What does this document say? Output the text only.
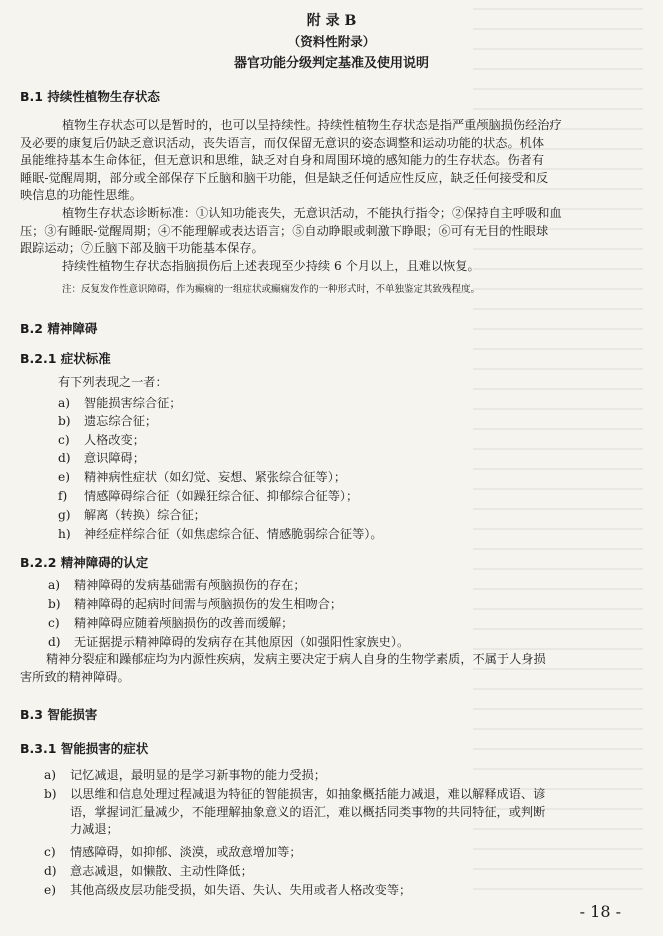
附 录 B
（资料性附录）
器官功能分级判定基准及使用说明
B.1 持续性植物生存状态
植物生存状态可以是暂时的，也可以呈持续性。持续性植物生存状态是指严重颅脑损伤经治疗
及必要的康复后仍缺乏意识活动，丧失语言，而仅保留无意识的姿态调整和运动功能的状态。机体
虽能维持基本生命体征，但无意识和思维，缺乏对自身和周围环境的感知能力的生存状态。伤者有
睡眠-觉醒周期，部分或全部保存下丘脑和脑干功能，但是缺乏任何适应性反应，缺乏任何接受和反
映信息的功能性思维。
植物生存状态诊断标准：①认知功能丧失，无意识活动，不能执行指令；②保持自主呼吸和血
压；③有睡眠-觉醒周期；④不能理解或表达语言；⑤自动睁眼或刺激下睁眼；⑥可有无目的性眼球
跟踪运动；⑦丘脑下部及脑干功能基本保存。
持续性植物生存状态指脑损伤后上述表现至少持续 6 个月以上，且难以恢复。
注：反复发作性意识障碍，作为癫痫的一组症状或癫痫发作的一种形式时，不单独鉴定其致残程度。
B.2 精神障碍
B.2.1 症状标准
有下列表现之一者：
a) 智能损害综合征；
b) 遗忘综合征；
c) 人格改变；
d) 意识障碍；
e) 精神病性症状（如幻觉、妄想、紧张综合征等）；
f) 情感障碍综合征（如躁狂综合征、抑郁综合征等）；
g) 解离（转换）综合征；
h) 神经症样综合征（如焦虑综合征、情感脆弱综合征等）。
B.2.2 精神障碍的认定
a) 精神障碍的发病基础需有颅脑损伤的存在；
b) 精神障碍的起病时间需与颅脑损伤的发生相吻合；
c) 精神障碍应随着颅脑损伤的改善而缓解；
d) 无证据提示精神障碍的发病存在其他原因（如强阳性家族史）。
精神分裂症和躁郁症均为内源性疾病，发病主要决定于病人自身的生物学素质，不属于人身损
害所致的精神障碍。
B.3 智能损害
B.3.1 智能损害的症状
a) 记忆减退，最明显的是学习新事物的能力受损；
b) 以思维和信息处理过程减退为特征的智能损害，如抽象概括能力减退，难以解释成语、谚
语，掌握词汇量减少，不能理解抽象意义的语汇，难以概括同类事物的共同特征，或判断
力减退；
c) 情感障碍，如抑郁、淡漠，或敌意增加等；
d) 意志减退，如懒散、主动性降低；
e) 其他高级皮层功能受损，如失语、失认、失用或者人格改变等；
- 18 -
